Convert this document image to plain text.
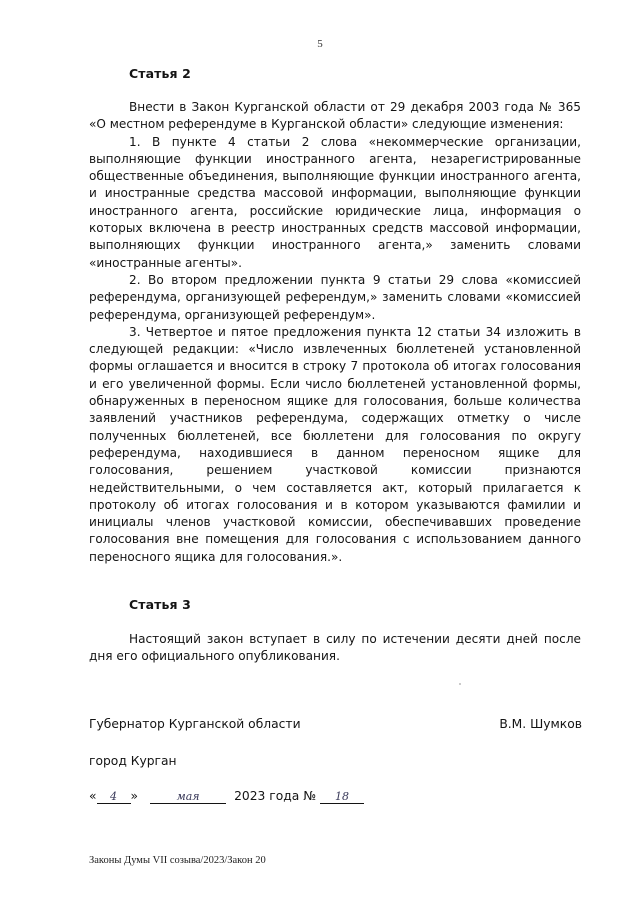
5
Статья 2

Внести в Закон Курганской области от 29 декабря 2003 года № 365 «О местном референдуме в Курганской области» следующие изменения:

1. В пункте 4 статьи 2 слова «некоммерческие организации, выполняющие функции иностранного агента, незарегистрированные общественные объединения, выполняющие функции иностранного агента, и иностранные средства массовой информации, выполняющие функции иностранного агента, российские юридические лица, информация о которых включена в реестр иностранных средств массовой информации, выполняющих функции иностранного агента,» заменить словами «иностранные агенты».

2. Во втором предложении пункта 9 статьи 29 слова «комиссией референдума, организующей референдум,» заменить словами «комиссией референдума, организующей референдум».

3. Четвертое и пятое предложения пункта 12 статьи 34 изложить в следующей редакции: «Число извлеченных бюллетеней установленной формы оглашается и вносится в строку 7 протокола об итогах голосования и его увеличенной формы. Если число бюллетеней установленной формы, обнаруженных в переносном ящике для голосования, больше количества заявлений участников референдума, содержащих отметку о числе полученных бюллетеней, все бюллетени для голосования по округу референдума, находившиеся в данном переносном ящике для голосования, решением участковой комиссии признаются недействительными, о чем составляется акт, который прилагается к протоколу об итогах голосования и в котором указываются фамилии и инициалы членов участковой комиссии, обеспечивавших проведение голосования вне помещения для голосования с использованием данного переносного ящика для голосования.».

Статья 3

Настоящий закон вступает в силу по истечении десяти дней после дня его официального опубликования.

Губернатор Курганской области	В.М. Шумков
город Курган
« 4 »	мая	2023 года № 18
Законы Думы VII созыва/2023/Закон 20
